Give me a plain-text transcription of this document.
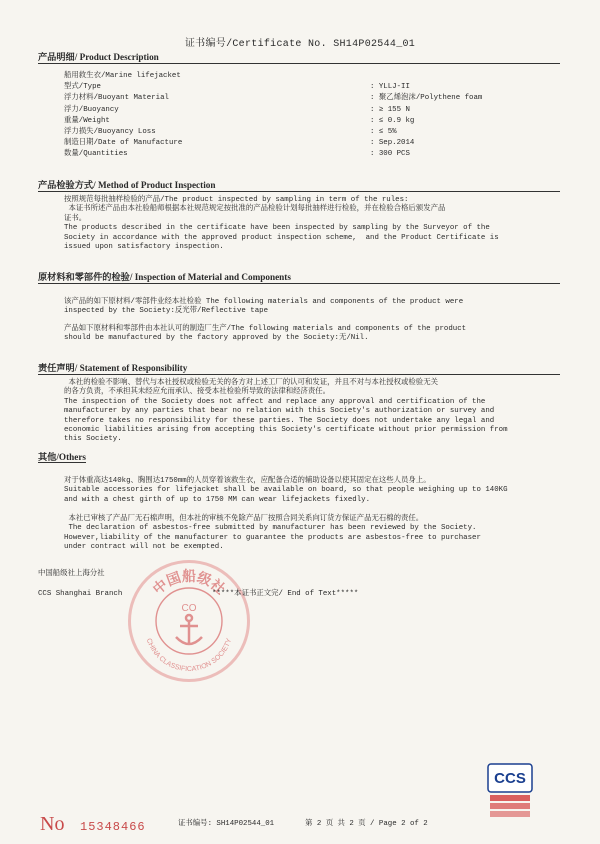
证书编号/Certificate No. SH14P02544_01
产品明细/ Product Description
船用救生衣/Marine lifejacket
型式/Type	: YLLJ-II
浮力材料/Buoyant Material	: 聚乙烯泡沫/Polythene foam
浮力/Buoyancy	: ≥ 155 N
重量/Weight	: ≤ 0.9 kg
浮力损失/Buoyancy Loss	: ≤ 5%
制造日期/Date of Manufacture	: Sep.2014
数量/Quantities	: 300 PCS
产品检验方式/ Method of Product Inspection
按照规范每批抽样检验的产品/The product inspected by sampling in term of the rules:
本证书所述产品由本社验船师根据本社规范规定按批准的产品检验计划每批抽样进行检验，并在检验合格后颁发产品
证书。
The products described in the certificate have been inspected by sampling by the Surveyor of the
Society in accordance with the approved product inspection scheme,  and the Product Certificate is
issued upon satisfactory inspection.
原材料和零部件的检验/ Inspection of Material and Components
该产品的如下原材料/零部件业经本社检验 The following materials and components of the product were
inspected by the Society:反光带/Reflective tape
产品如下原材料和零部件由本社认可的制造厂生产/The following materials and components of the product
should be manufactured by the factory approved by the Society:无/Nil.
责任声明/ Statement of Responsibility
本社的检验不影响、替代与本社授权或检验无关的各方对上述工厂的认可和发证，并且不对与本社授权或检验无关
的各方负责，不承担其未经应允而承认、接受本社检验所导致的法律和经济责任。
The inspection of the Society does not affect and replace any approval and certification of the
manufacturer by any parties that bear no relation with this Society's authorization or survey and
therefore takes no responsibility for these parties. The Society does not undertake any legal and
economic liabilities arising from accepting this Society's certificate without prior permission from
this Society.
其他/Others
对于体重高达140kg、胸围达1750mm的人员穿着该救生衣，应配备合适的辅助设备以使其固定在这些人员身上。
Suitable accessories for lifejacket shall be available on board, so that people weighing up to 140KG
and with a chest girth of up to 1750 MM can wear lifejackets fixedly.
本社已审核了产品厂无石棉声明，但本社的审核不免除产品厂按照合同关系向订货方保证产品无石棉的责任。
The declaration of asbestos-free submitted by manufacturer has been reviewed by the Society.
However,liability of the manufacturer to guarantee the products are asbestos-free to purchaser
under contract will not be exempted.
中国船级社上海分社
CCS Shanghai Branch 中国船级社
CHINA CLASSIFICATION SOCIETY
CO
*****本证书正文完/ End of Text*****
CCS
No 15348466	证书编号: SH14P02544_01	第 2 页 共 2 页 / Page 2 of 2
